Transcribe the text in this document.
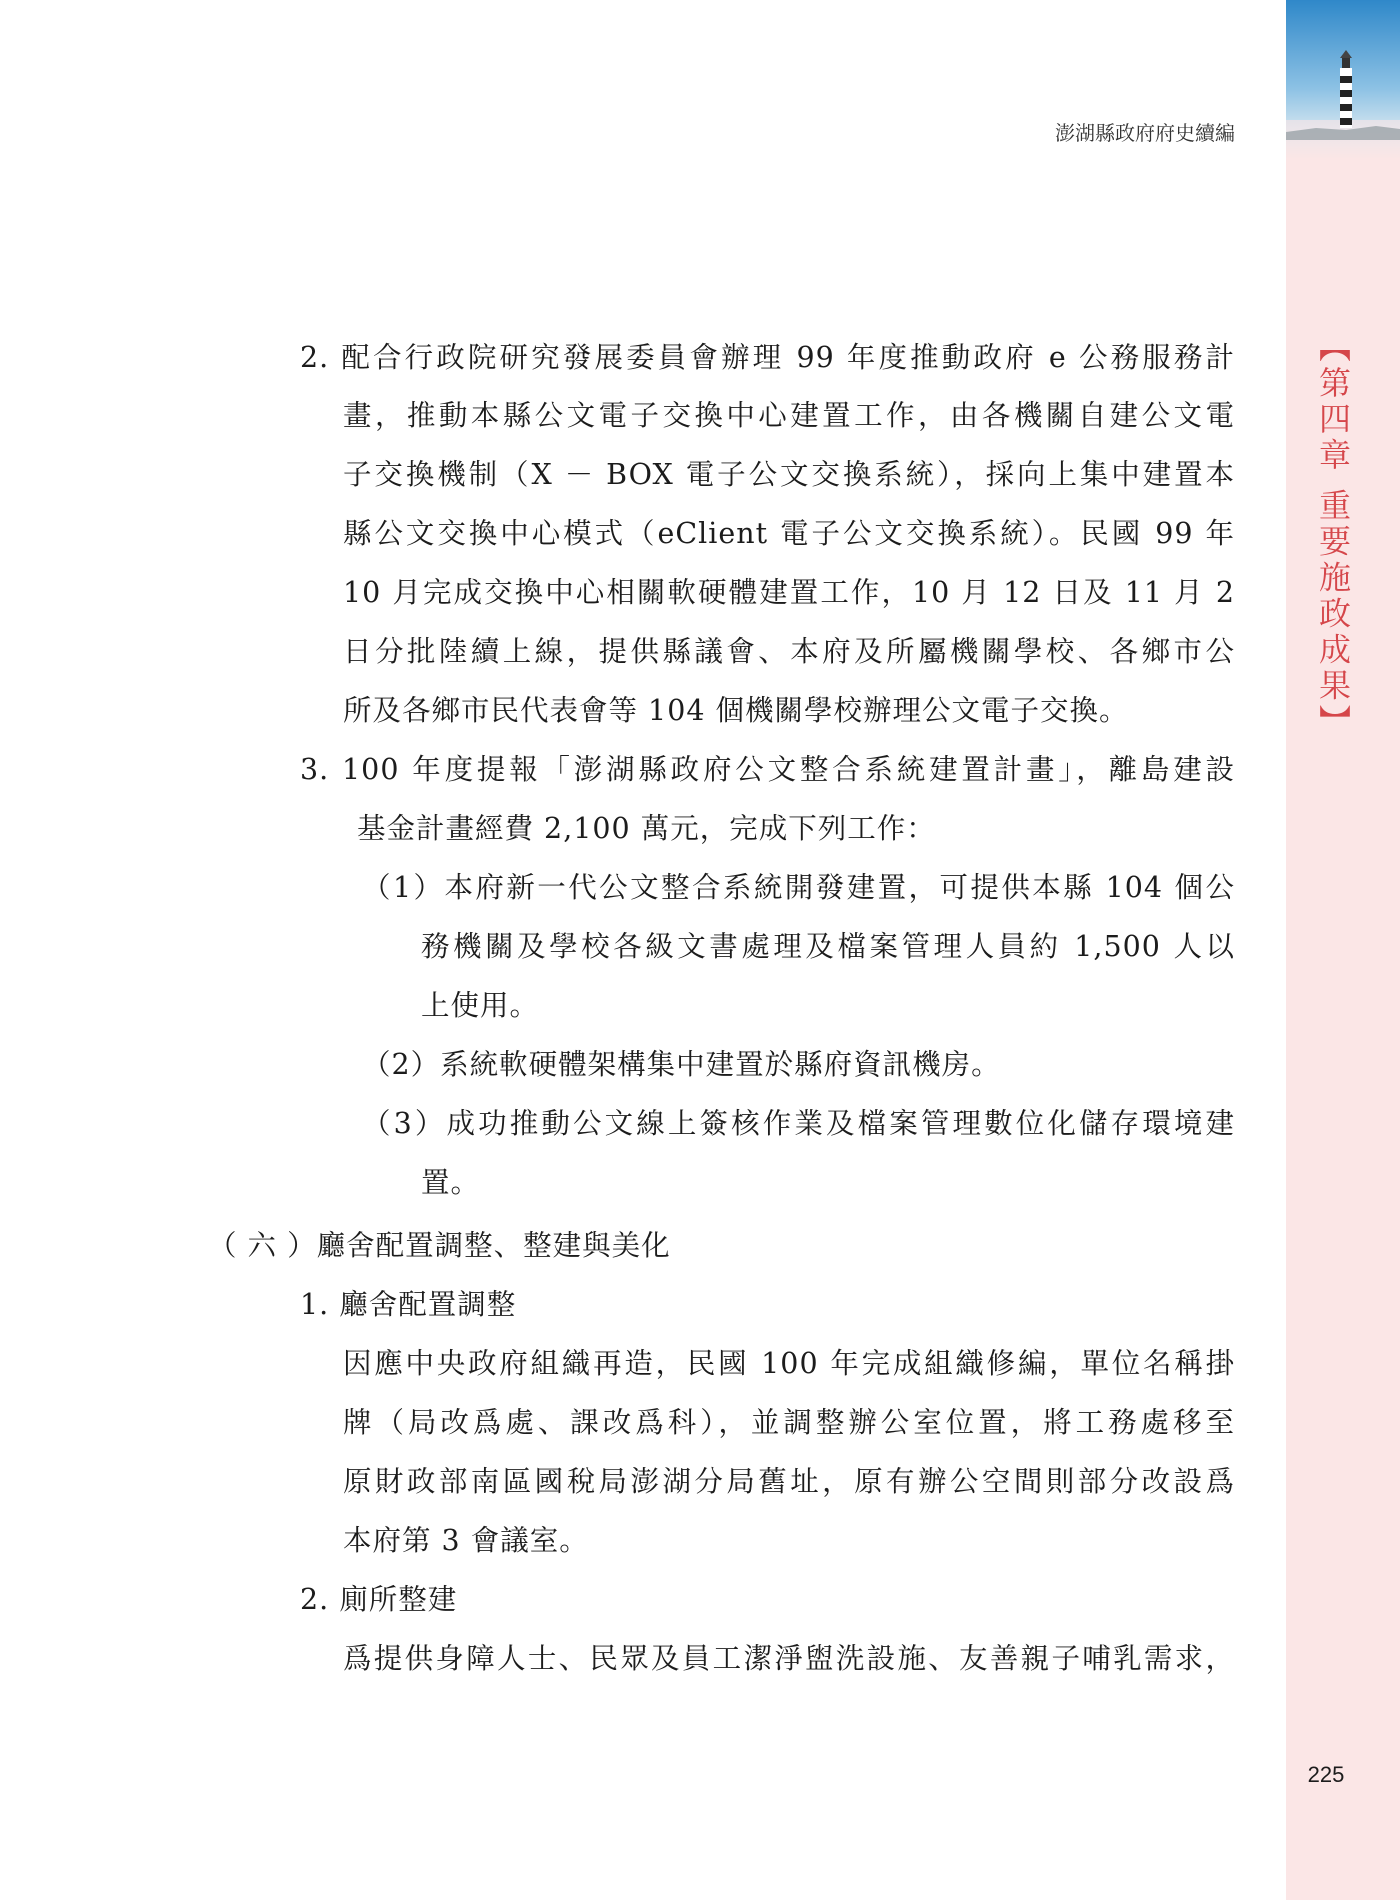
【第四章 重要施政成果】
澎湖縣政府府史續編
2. 配合行政院研究發展委員會辦理 99 年度推動政府 e 公務服務計
畫，推動本縣公文電子交換中心建置工作，由各機關自建公文電
子交換機制（X － BOX 電子公文交換系統），採向上集中建置本
縣公文交換中心模式（eClient 電子公文交換系統）。民國 99 年
10 月完成交換中心相關軟硬體建置工作，10 月 12 日及 11 月 2
日分批陸續上線，提供縣議會、本府及所屬機關學校、各鄉市公
所及各鄉市民代表會等 104 個機關學校辦理公文電子交換。
3. 100 年度提報「澎湖縣政府公文整合系統建置計畫」，離島建設
基金計畫經費 2,100 萬元，完成下列工作：
（1）本府新一代公文整合系統開發建置，可提供本縣 104 個公
務機關及學校各級文書處理及檔案管理人員約 1,500 人以
上使用。
（2）系統軟硬體架構集中建置於縣府資訊機房。
（3）成功推動公文線上簽核作業及檔案管理數位化儲存環境建
置。
（ 六 ）廳舍配置調整、整建與美化
1. 廳舍配置調整
因應中央政府組織再造，民國 100 年完成組織修編，單位名稱掛
牌（局改爲處、課改爲科），並調整辦公室位置，將工務處移至
原財政部南區國稅局澎湖分局舊址，原有辦公空間則部分改設爲
本府第 3 會議室。
2. 廁所整建
爲提供身障人士、民眾及員工潔淨盥洗設施、友善親子哺乳需求，
225
